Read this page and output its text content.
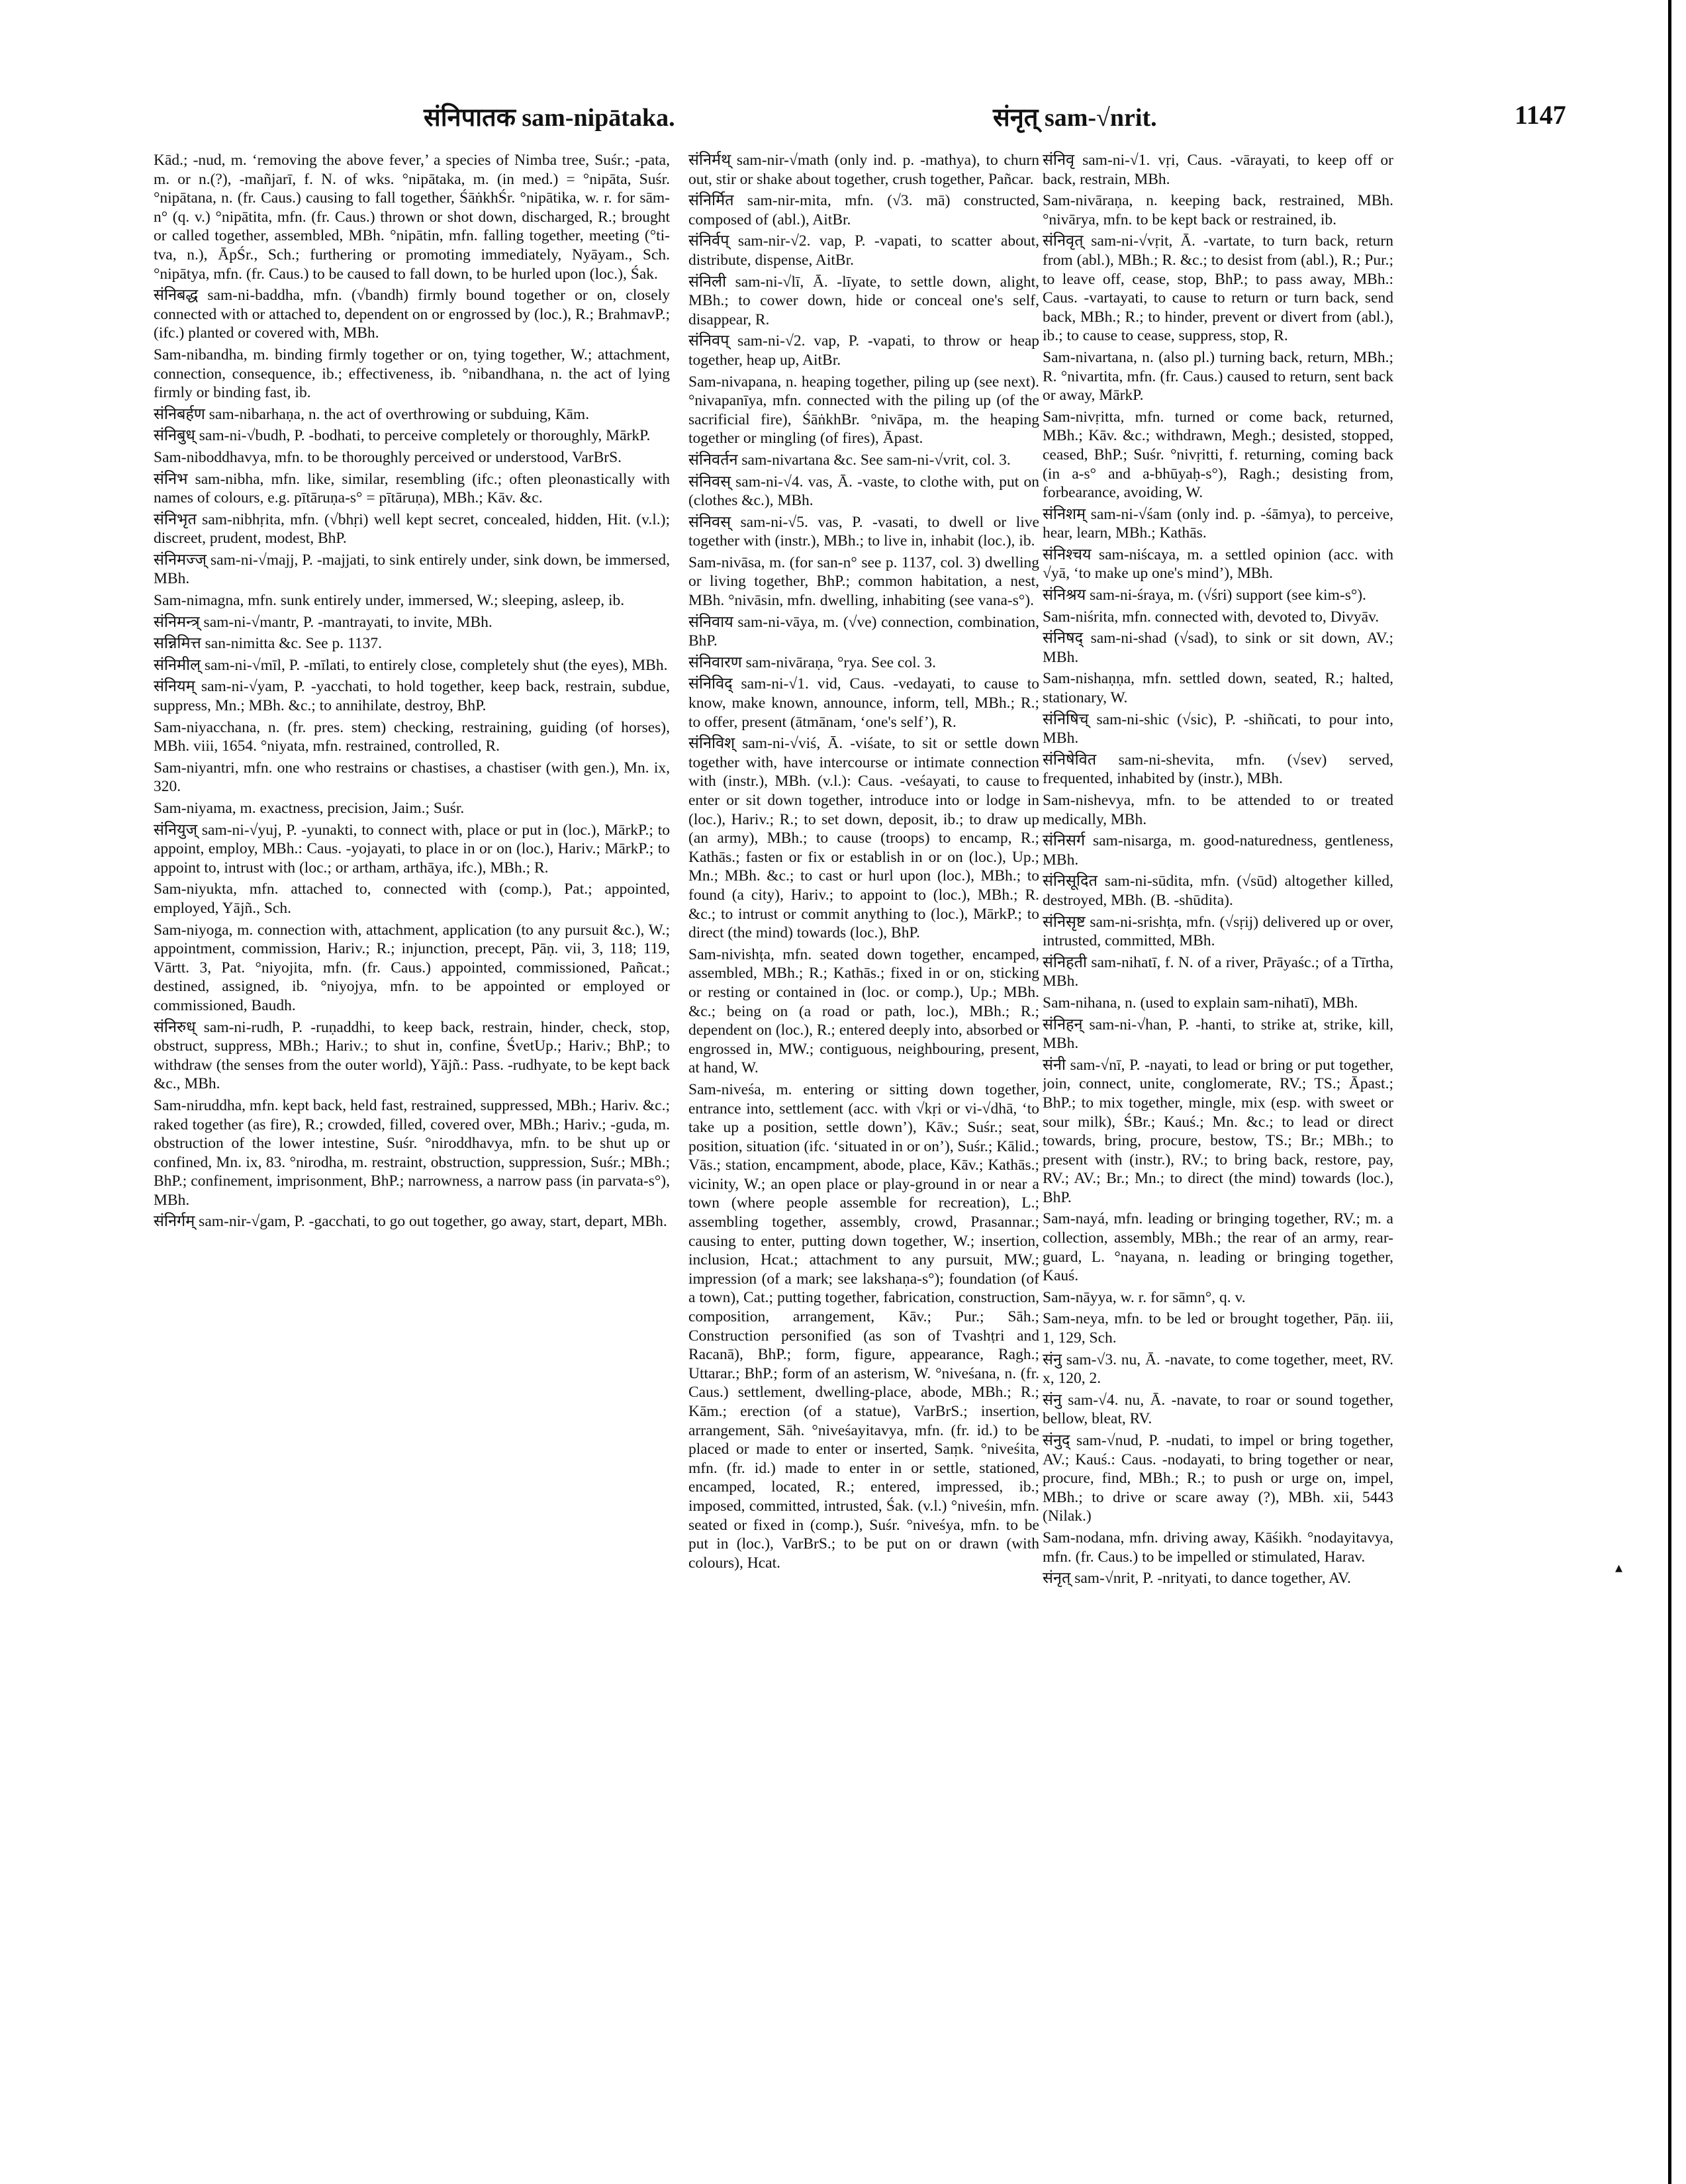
संनिपातक sam-nipātaka.	संनृत् sam-√nrit.	1147

Kād.; -nud, m. ‘removing the above fever,’ a species of Nimba tree, Suśr.; -pata, m. or n.(?), -mañjarī, f. N. of wks. °nipātaka, m. (in med.) = °nipāta, Suśr. °nipātana, n. (fr. Caus.) causing to fall together, ŚāṅkhŚr. °nipātika, w. r. for sām-n° (q. v.) °nipātita, mfn. (fr. Caus.) thrown or shot down, discharged, R.; brought or called together, assembled, MBh. °nipātin, mfn. falling together, meeting (°ti-tva, n.), ĀpŚr., Sch.; furthering or promoting immediately, Nyāyam., Sch. °nipātya, mfn. (fr. Caus.) to be caused to fall down, to be hurled upon (loc.), Śak.

संनिबद्ध sam-ni-baddha, mfn. (√bandh) firmly bound together or on, closely connected with or attached to, dependent on or engrossed by (loc.), R.; BrahmavP.; (ifc.) planted or covered with, MBh.

Sam-nibandha, m. binding firmly together or on, tying together, W.; attachment, connection, consequence, ib.; effectiveness, ib. °nibandhana, n. the act of lying firmly or binding fast, ib.

संनिबर्हण sam-nibarhaṇa, n. the act of overthrowing or subduing, Kām.

संनिबुध् sam-ni-√budh, P. -bodhati, to perceive completely or thoroughly, MārkP.

Sam-niboddhavya, mfn. to be thoroughly perceived or understood, VarBrS.

संनिभ sam-nibha, mfn. like, similar, resembling (ifc.; often pleonastically with names of colours, e.g. pītāruṇa-s° = pītāruṇa), MBh.; Kāv. &c.

संनिभृत sam-nibhṛita, mfn. (√bhṛi) well kept secret, concealed, hidden, Hit. (v.l.); discreet, prudent, modest, BhP.

संनिमज्ज् sam-ni-√majj, P. -majjati, to sink entirely under, sink down, be immersed, MBh.

Sam-nimagna, mfn. sunk entirely under, immersed, W.; sleeping, asleep, ib.

संनिमन्त्र् sam-ni-√mantr, P. -mantrayati, to invite, MBh.

सन्निमित्त san-nimitta &c. See p. 1137.

संनिमील् sam-ni-√mīl, P. -mīlati, to entirely close, completely shut (the eyes), MBh.

संनियम् sam-ni-√yam, P. -yacchati, to hold together, keep back, restrain, subdue, suppress, Mn.; MBh. &c.; to annihilate, destroy, BhP.

Sam-niyacchana, n. (fr. pres. stem) checking, restraining, guiding (of horses), MBh. viii, 1654. °niyata, mfn. restrained, controlled, R.

Sam-niyantri, mfn. one who restrains or chastises, a chastiser (with gen.), Mn. ix, 320.

Sam-niyama, m. exactness, precision, Jaim.; Suśr.

संनियुज् sam-ni-√yuj, P. -yunakti, to connect with, place or put in (loc.), MārkP.; to appoint, employ, MBh.: Caus. -yojayati, to place in or on (loc.), Hariv.; MārkP.; to appoint to, intrust with (loc.; or artham, arthāya, ifc.), MBh.; R.

Sam-niyukta, mfn. attached to, connected with (comp.), Pat.; appointed, employed, Yājñ., Sch.

Sam-niyoga, m. connection with, attachment, application (to any pursuit &c.), W.; appointment, commission, Hariv.; R.; injunction, precept, Pāṇ. vii, 3, 118; 119, Vārtt. 3, Pat. °niyojita, mfn. (fr. Caus.) appointed, commissioned, Pañcat.; destined, assigned, ib. °niyojya, mfn. to be appointed or employed or commissioned, Baudh.

संनिरुध् sam-ni-rudh, P. -ruṇaddhi, to keep back, restrain, hinder, check, stop, obstruct, suppress, MBh.; Hariv.; to shut in, confine, ŚvetUp.; Hariv.; BhP.; to withdraw (the senses from the outer world), Yājñ.: Pass. -rudhyate, to be kept back &c., MBh.

Sam-niruddha, mfn. kept back, held fast, restrained, suppressed, MBh.; Hariv. &c.; raked together (as fire), R.; crowded, filled, covered over, MBh.; Hariv.; -guda, m. obstruction of the lower intestine, Suśr. °niroddhavya, mfn. to be shut up or confined, Mn. ix, 83. °nirodha, m. restraint, obstruction, suppression, Suśr.; MBh.; BhP.; confinement, imprisonment, BhP.; narrowness, a narrow pass (in parvata-s°), MBh.

संनिर्गम् sam-nir-√gam, P. -gacchati, to go out together, go away, start, depart, MBh.

संनिर्मथ् sam-nir-√math (only ind. p. -mathya), to churn out, stir or shake about together, crush together, Pañcar.

संनिर्मित sam-nir-mita, mfn. (√3. mā) constructed, composed of (abl.), AitBr.

संनिर्वप् sam-nir-√2. vap, P. -vapati, to scatter about, distribute, dispense, AitBr.

संनिली sam-ni-√lī, Ā. -līyate, to settle down, alight, MBh.; to cower down, hide or conceal one's self, disappear, R.

संनिवप् sam-ni-√2. vap, P. -vapati, to throw or heap together, heap up, AitBr.

Sam-nivapana, n. heaping together, piling up (see next). °nivapanīya, mfn. connected with the piling up (of the sacrificial fire), ŚāṅkhBr. °nivāpa, m. the heaping together or mingling (of fires), Āpast.

संनिवर्तन sam-nivartana &c. See sam-ni-√vrit, col. 3.

संनिवस् sam-ni-√4. vas, Ā. -vaste, to clothe with, put on (clothes &c.), MBh.

संनिवस् sam-ni-√5. vas, P. -vasati, to dwell or live together with (instr.), MBh.; to live in, inhabit (loc.), ib.

Sam-nivāsa, m. (for san-n° see p. 1137, col. 3) dwelling or living together, BhP.; common habitation, a nest, MBh. °nivāsin, mfn. dwelling, inhabiting (see vana-s°).

संनिवाय sam-ni-vāya, m. (√ve) connection, combination, BhP.

संनिवारण sam-nivāraṇa, °rya. See col. 3.

संनिविद् sam-ni-√1. vid, Caus. -vedayati, to cause to know, make known, announce, inform, tell, MBh.; R.; to offer, present (ātmānam, ‘one's self’), R.

संनिविश् sam-ni-√viś, Ā. -viśate, to sit or settle down together with, have intercourse or intimate connection with (instr.), MBh. (v.l.): Caus. -veśayati, to cause to enter or sit down together, introduce into or lodge in (loc.), Hariv.; R.; to set down, deposit, ib.; to draw up (an army), MBh.; to cause (troops) to encamp, R.; Kathās.; fasten or fix or establish in or on (loc.), Up.; Mn.; MBh. &c.; to cast or hurl upon (loc.), MBh.; to found (a city), Hariv.; to appoint to (loc.), MBh.; R. &c.; to intrust or commit anything to (loc.), MārkP.; to direct (the mind) towards (loc.), BhP.

Sam-nivishṭa, mfn. seated down together, encamped, assembled, MBh.; R.; Kathās.; fixed in or on, sticking or resting or contained in (loc. or comp.), Up.; MBh. &c.; being on (a road or path, loc.), MBh.; R.; dependent on (loc.), R.; entered deeply into, absorbed or engrossed in, MW.; contiguous, neighbouring, present, at hand, W.

Sam-niveśa, m. entering or sitting down together, entrance into, settlement (acc. with √kṛi or vi-√dhā, ‘to take up a position, settle down’), Kāv.; Suśr.; seat, position, situation (ifc. ‘situated in or on’), Suśr.; Kālid.; Vās.; station, encampment, abode, place, Kāv.; Kathās.; vicinity, W.; an open place or play-ground in or near a town (where people assemble for recreation), L.; assembling together, assembly, crowd, Prasannar.; causing to enter, putting down together, W.; insertion, inclusion, Hcat.; attachment to any pursuit, MW.; impression (of a mark; see lakshaṇa-s°); foundation (of a town), Cat.; putting together, fabrication, construction, composition, arrangement, Kāv.; Pur.; Sāh.; Construction personified (as son of Tvashṭri and Racanā), BhP.; form, figure, appearance, Ragh.; Uttarar.; BhP.; form of an asterism, W. °niveśana, n. (fr. Caus.) settlement, dwelling-place, abode, MBh.; R.; Kām.; erection (of a statue), VarBrS.; insertion, arrangement, Sāh. °niveśayitavya, mfn. (fr. id.) to be placed or made to enter or inserted, Saṃk. °niveśita, mfn. (fr. id.) made to enter in or settle, stationed, encamped, located, R.; entered, impressed, ib.; imposed, committed, intrusted, Śak. (v.l.) °niveśin, mfn. seated or fixed in (comp.), Suśr. °niveśya, mfn. to be put in (loc.), VarBrS.; to be put on or drawn (with colours), Hcat.

संनिवृ sam-ni-√1. vṛi, Caus. -vārayati, to keep off or back, restrain, MBh.

Sam-nivāraṇa, n. keeping back, restrained, MBh. °nivārya, mfn. to be kept back or restrained, ib.

संनिवृत् sam-ni-√vṛit, Ā. -vartate, to turn back, return from (abl.), MBh.; R. &c.; to desist from (abl.), R.; Pur.; to leave off, cease, stop, BhP.; to pass away, MBh.: Caus. -vartayati, to cause to return or turn back, send back, MBh.; R.; to hinder, prevent or divert from (abl.), ib.; to cause to cease, suppress, stop, R.

Sam-nivartana, n. (also pl.) turning back, return, MBh.; R. °nivartita, mfn. (fr. Caus.) caused to return, sent back or away, MārkP.

Sam-nivṛitta, mfn. turned or come back, returned, MBh.; Kāv. &c.; withdrawn, Megh.; desisted, stopped, ceased, BhP.; Suśr. °nivṛitti, f. returning, coming back (in a-s° and a-bhūyaḥ-s°), Ragh.; desisting from, forbearance, avoiding, W.

संनिशम् sam-ni-√śam (only ind. p. -śāmya), to perceive, hear, learn, MBh.; Kathās.

संनिश्चय sam-niścaya, m. a settled opinion (acc. with √yā, ‘to make up one's mind’), MBh.

संनिश्रय sam-ni-śraya, m. (√śri) support (see kim-s°).

Sam-niśrita, mfn. connected with, devoted to, Divyāv.

संनिषद् sam-ni-shad (√sad), to sink or sit down, AV.; MBh.

Sam-nishaṇṇa, mfn. settled down, seated, R.; halted, stationary, W.

संनिषिच् sam-ni-shic (√sic), P. -shiñcati, to pour into, MBh.

संनिषेवित sam-ni-shevita, mfn. (√sev) served, frequented, inhabited by (instr.), MBh.

Sam-nishevya, mfn. to be attended to or treated medically, MBh.

संनिसर्ग sam-nisarga, m. good-naturedness, gentleness, MBh.

संनिसूदित sam-ni-sūdita, mfn. (√sūd) altogether killed, destroyed, MBh. (B. -shūdita).

संनिसृष्ट sam-ni-srishṭa, mfn. (√sṛij) delivered up or over, intrusted, committed, MBh.

संनिहती sam-nihatī, f. N. of a river, Prāyaśc.; of a Tīrtha, MBh.

Sam-nihana, n. (used to explain sam-nihatī), MBh.

संनिहन् sam-ni-√han, P. -hanti, to strike at, strike, kill, MBh.

संनी sam-√nī, P. -nayati, to lead or bring or put together, join, connect, unite, conglomerate, RV.; TS.; Āpast.; BhP.; to mix together, mingle, mix (esp. with sweet or sour milk), ŚBr.; Kauś.; Mn. &c.; to lead or direct towards, bring, procure, bestow, TS.; Br.; MBh.; to present with (instr.), RV.; to bring back, restore, pay, RV.; AV.; Br.; Mn.; to direct (the mind) towards (loc.), BhP.

Sam-nayá, mfn. leading or bringing together, RV.; m. a collection, assembly, MBh.; the rear of an army, rear-guard, L. °nayana, n. leading or bringing together, Kauś.

Sam-nāyya, w. r. for sāmn°, q. v.

Sam-neya, mfn. to be led or brought together, Pāṇ. iii, 1, 129, Sch.

संनु sam-√3. nu, Ā. -navate, to come together, meet, RV. x, 120, 2.

संनु sam-√4. nu, Ā. -navate, to roar or sound together, bellow, bleat, RV.

संनुद् sam-√nud, P. -nudati, to impel or bring together, AV.; Kauś.: Caus. -nodayati, to bring together or near, procure, find, MBh.; R.; to push or urge on, impel, MBh.; to drive or scare away (?), MBh. xii, 5443 (Nilak.)

Sam-nodana, mfn. driving away, Kāśikh. °nodayitavya, mfn. (fr. Caus.) to be impelled or stimulated, Harav.

संनृत् sam-√nrit, P. -nrityati, to dance together, AV.

▴
